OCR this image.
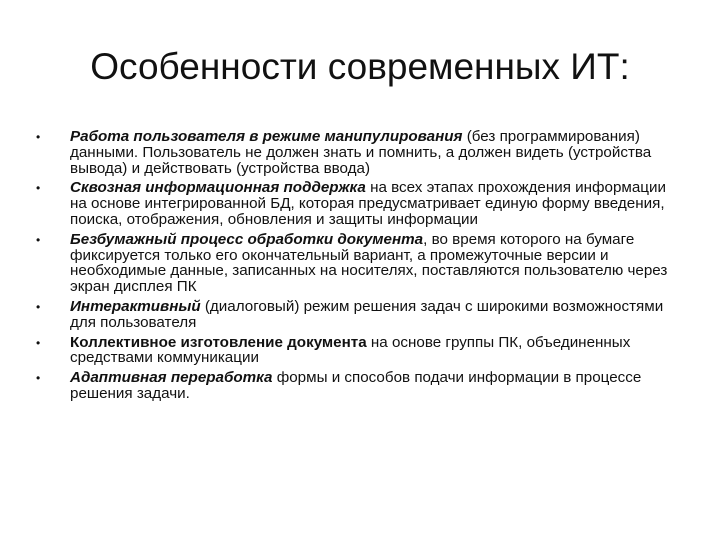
Особенности современных ИТ:
• Работа пользователя в режиме манипулирования (без программирования) данными. Пользователь не должен знать и помнить, а должен видеть (устройства вывода) и действовать (устройства ввода)
• Сквозная информационная поддержка на всех этапах прохождения информации на основе интегрированной БД, которая предусматривает единую форму введения, поиска, отображения, обновления и защиты информации
• Безбумажный процесс обработки документа, во время которого на бумаге фиксируется только его окончательный вариант, а промежуточные версии и необходимые данные, записанных на носителях, поставляются пользователю через экран дисплея ПК
• Интерактивный (диалоговый) режим решения задач с широкими возможностями для пользователя
• Коллективное изготовление документа на основе группы ПК, объединенных средствами коммуникации
• Адаптивная переработка формы и способов подачи информации в процессе решения задачи.
